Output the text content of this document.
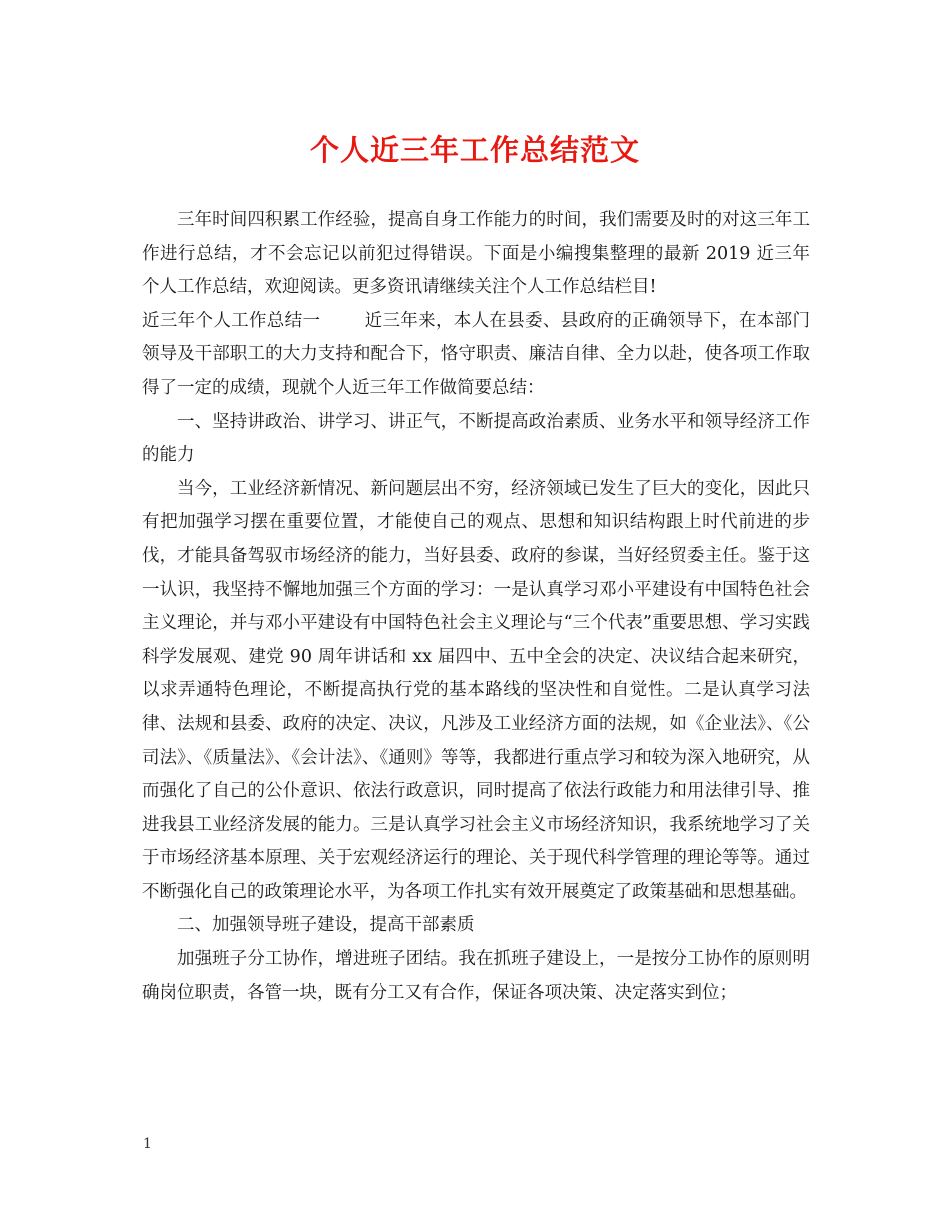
个人近三年工作总结范文

三年时间四积累工作经验，提高自身工作能力的时间，我们需要及时的对这三年工作进行总结，才不会忘记以前犯过得错误。下面是小编搜集整理的最新 2019 近三年个人工作总结，欢迎阅读。更多资讯请继续关注个人工作总结栏目!

近三年个人工作总结一	近三年来，本人在县委、县政府的正确领导下，在本部门领导及干部职工的大力支持和配合下，恪守职责、廉洁自律、全力以赴，使各项工作取得了一定的成绩，现就个人近三年工作做简要总结：

一、坚持讲政治、讲学习、讲正气，不断提高政治素质、业务水平和领导经济工作的能力

当今，工业经济新情况、新问题层出不穷，经济领域已发生了巨大的变化，因此只有把加强学习摆在重要位置，才能使自己的观点、思想和知识结构跟上时代前进的步伐，才能具备驾驭市场经济的能力，当好县委、政府的参谋，当好经贸委主任。鉴于这一认识，我坚持不懈地加强三个方面的学习：一是认真学习邓小平建设有中国特色社会主义理论，并与邓小平建设有中国特色社会主义理论与“三个代表”重要思想、学习实践科学发展观、建党 90 周年讲话和 xx 届四中、五中全会的决定、决议结合起来研究，以求弄通特色理论，不断提高执行党的基本路线的坚决性和自觉性。二是认真学习法律、法规和县委、政府的决定、决议，凡涉及工业经济方面的法规，如《企业法》、《公司法》、《质量法》、《会计法》、《通则》等等，我都进行重点学习和较为深入地研究，从而强化了自己的公仆意识、依法行政意识，同时提高了依法行政能力和用法律引导、推进我县工业经济发展的能力。三是认真学习社会主义市场经济知识，我系统地学习了关于市场经济基本原理、关于宏观经济运行的理论、关于现代科学管理的理论等等。通过不断强化自己的政策理论水平，为各项工作扎实有效开展奠定了政策基础和思想基础。

二、加强领导班子建设，提高干部素质

加强班子分工协作，增进班子团结。我在抓班子建设上，一是按分工协作的原则明确岗位职责，各管一块，既有分工又有合作，保证各项决策、决定落实到位；

1
